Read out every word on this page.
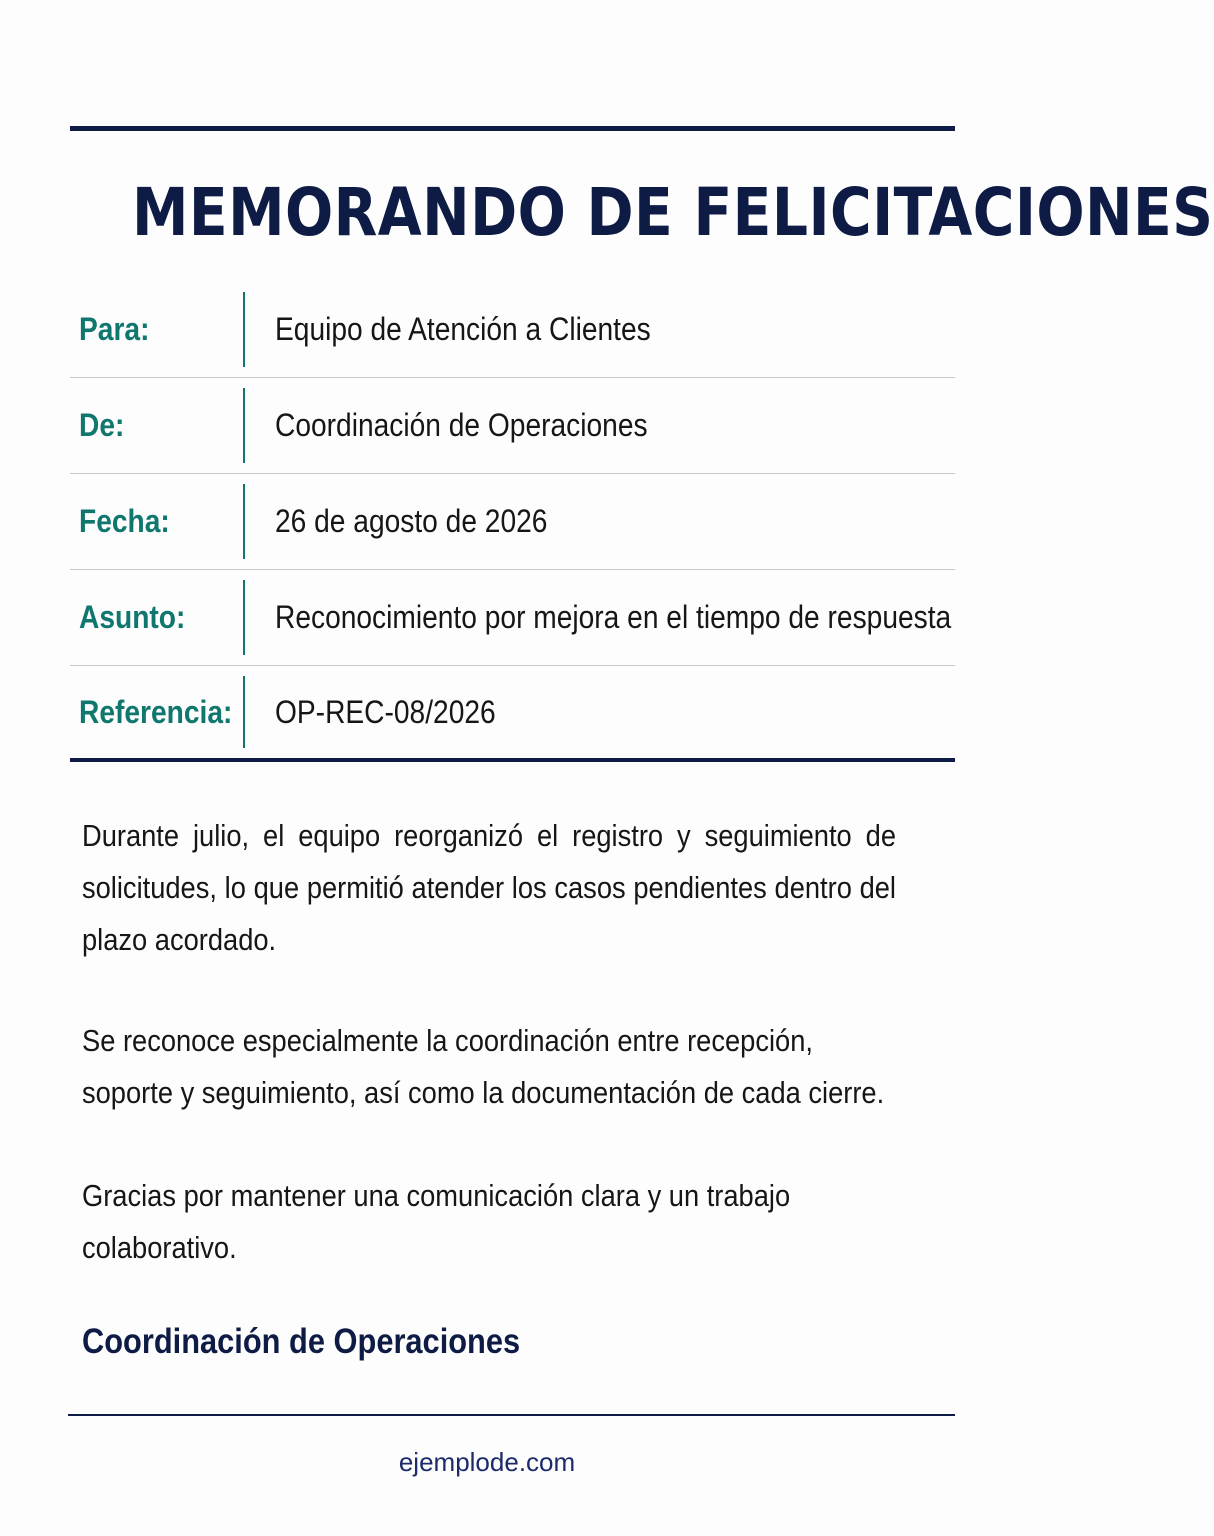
MEMORANDO DE FELICITACIONES
Para:	Equipo de Atención a Clientes
De:	Coordinación de Operaciones
Fecha:	26 de agosto de 2026
Asunto:	Reconocimiento por mejora en el tiempo de respuesta
Referencia: OP-REC-08/2026
Durante julio, el equipo reorganizó el registro y seguimiento de solicitudes, lo que permitió atender los casos pendientes dentro del plazo acordado.
Se reconoce especialmente la coordinación entre recepción, soporte y seguimiento, así como la documentación de cada cierre.
Gracias por mantener una comunicación clara y un trabajo colaborativo.
Coordinación de Operaciones
ejemplode.com
